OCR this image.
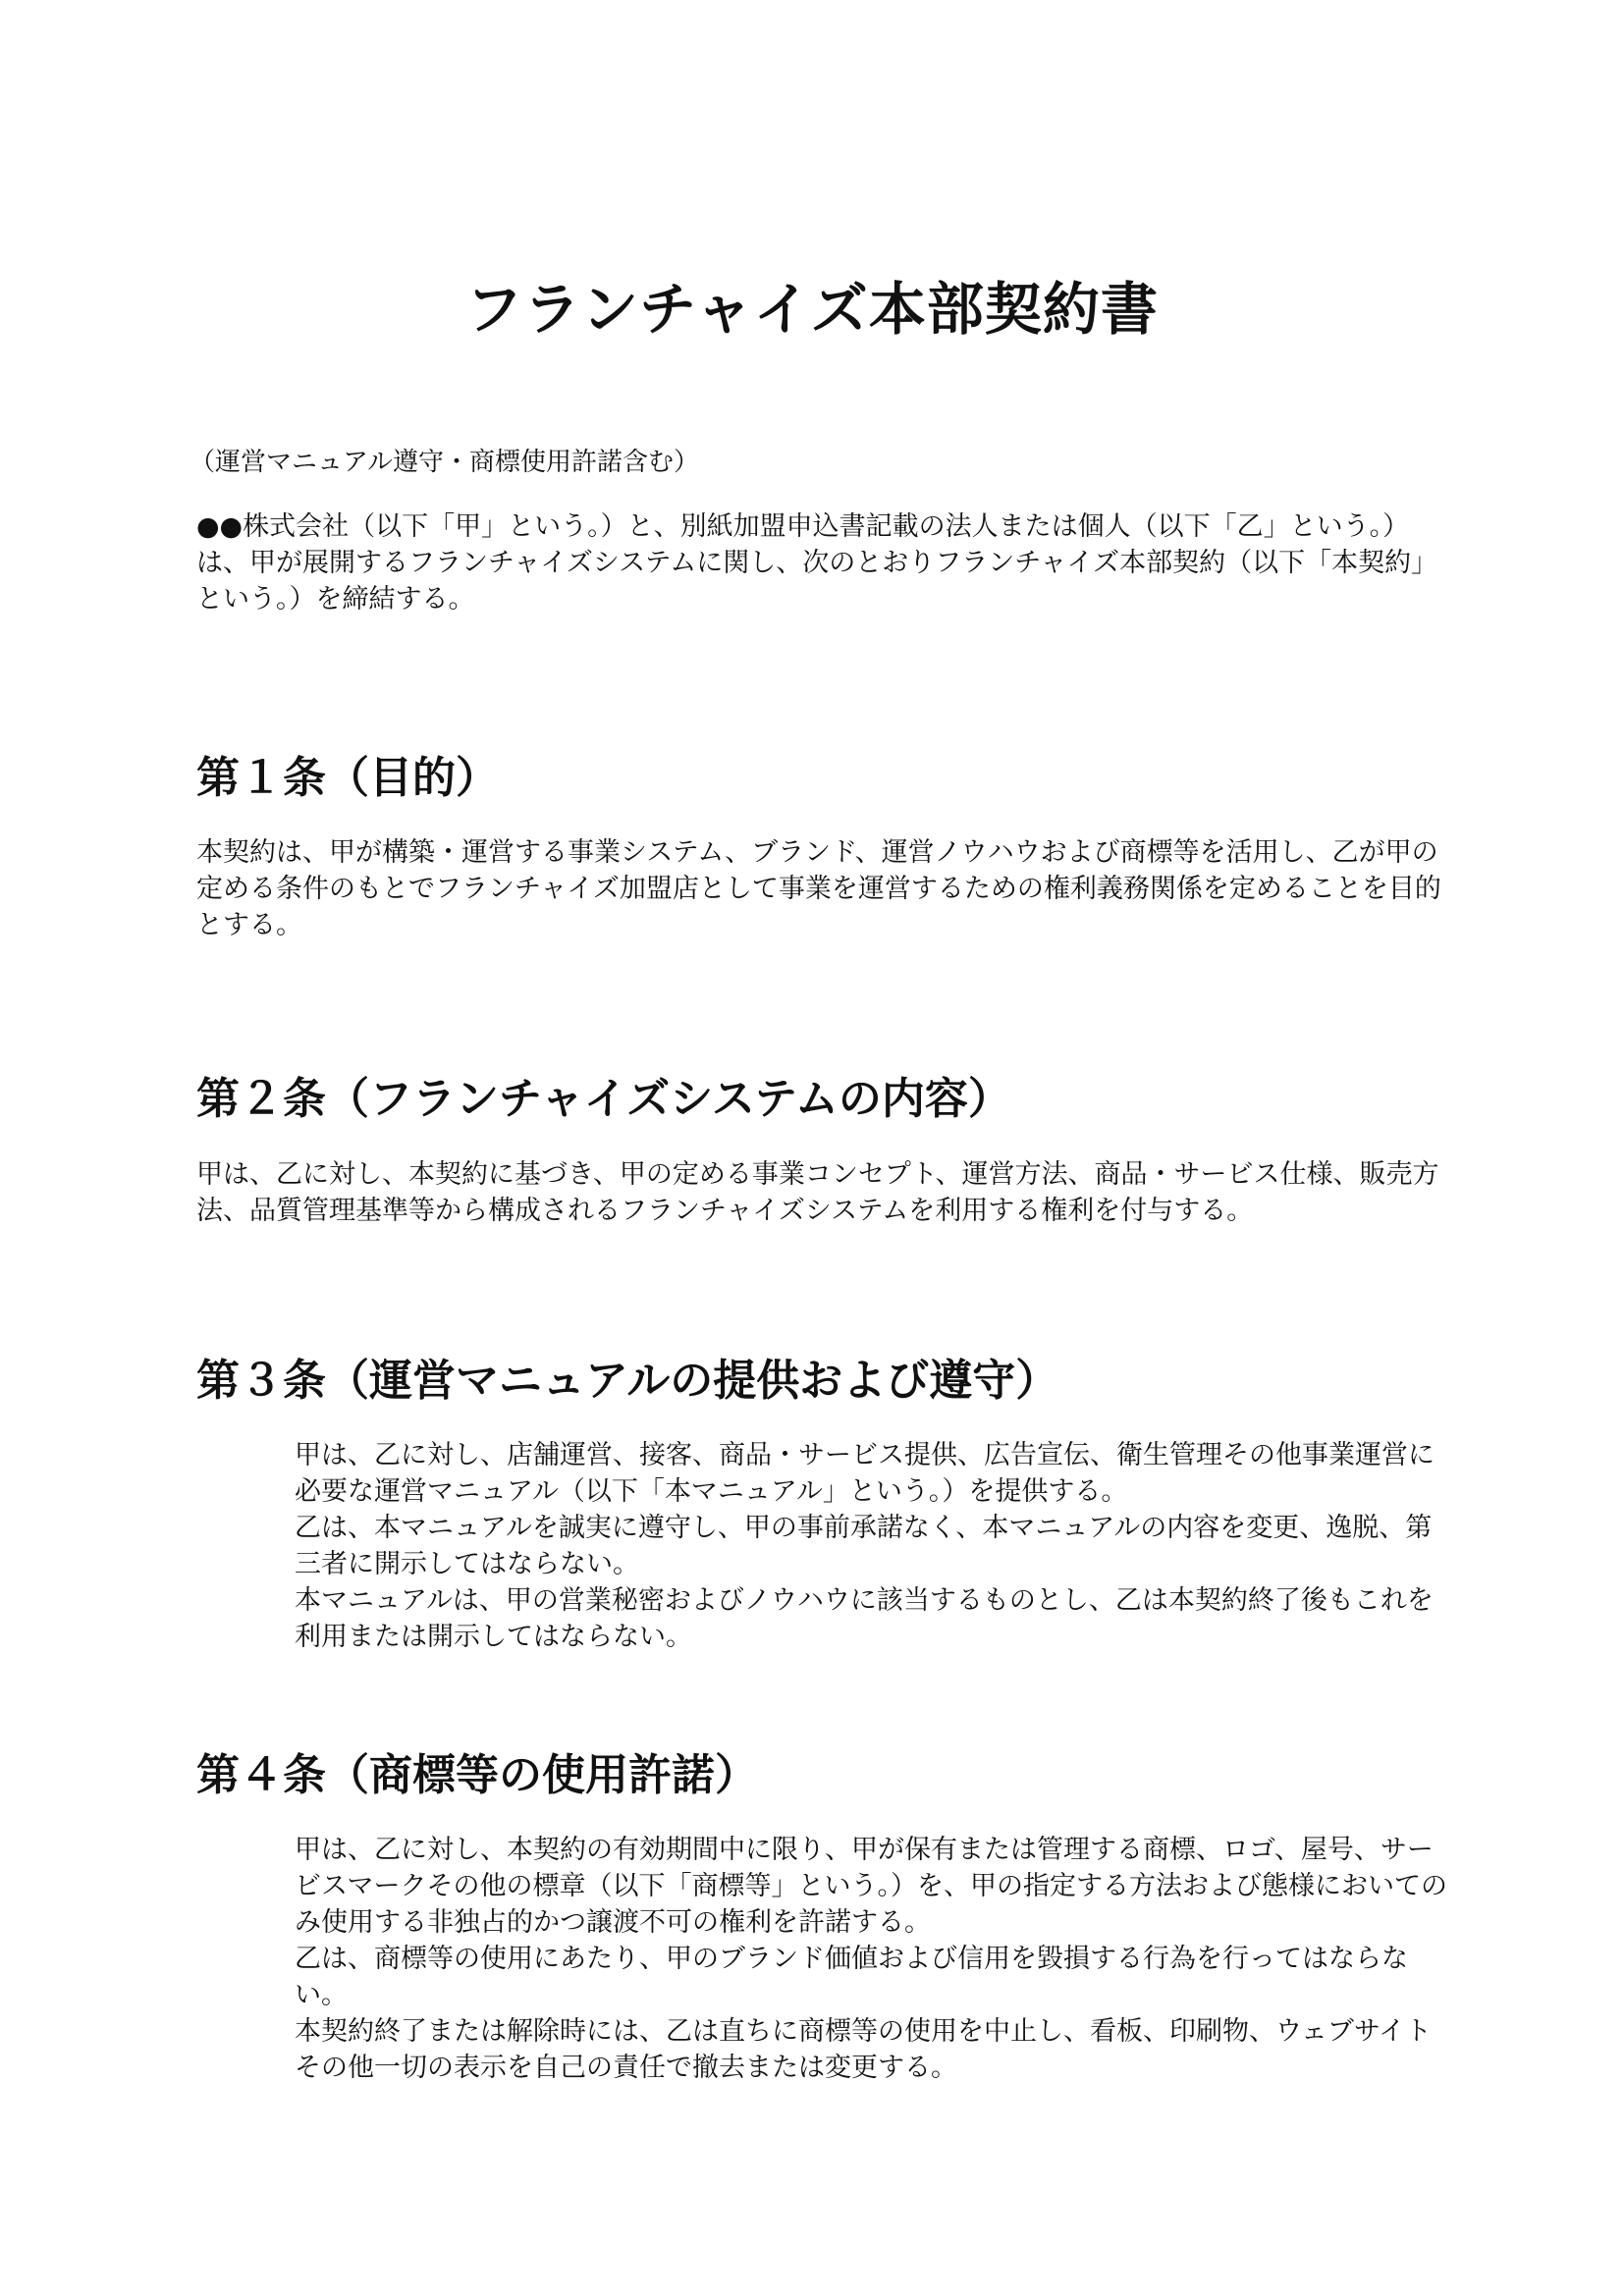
フランチャイズ本部契約書

（運営マニュアル遵守・商標使用許諾含む）

●●株式会社（以下「甲」という。）と、別紙加盟申込書記載の法人または個人（以下「乙」という。）は、甲が展開するフランチャイズシステムに関し、次のとおりフランチャイズ本部契約（以下「本契約」という。）を締結する。

第１条（目的）

本契約は、甲が構築・運営する事業システム、ブランド、運営ノウハウおよび商標等を活用し、乙が甲の定める条件のもとでフランチャイズ加盟店として事業を運営するための権利義務関係を定めることを目的とする。

第２条（フランチャイズシステムの内容）

甲は、乙に対し、本契約に基づき、甲の定める事業コンセプト、運営方法、商品・サービス仕様、販売方法、品質管理基準等から構成されるフランチャイズシステムを利用する権利を付与する。

第３条（運営マニュアルの提供および遵守）

甲は、乙に対し、店舗運営、接客、商品・サービス提供、広告宣伝、衛生管理その他事業運営に必要な運営マニュアル（以下「本マニュアル」という。）を提供する。

乙は、本マニュアルを誠実に遵守し、甲の事前承諾なく、本マニュアルの内容を変更、逸脱、第三者に開示してはならない。

本マニュアルは、甲の営業秘密およびノウハウに該当するものとし、乙は本契約終了後もこれを利用または開示してはならない。

第４条（商標等の使用許諾）

甲は、乙に対し、本契約の有効期間中に限り、甲が保有または管理する商標、ロゴ、屋号、サービスマークその他の標章（以下「商標等」という。）を、甲の指定する方法および態様においてのみ使用する非独占的かつ譲渡不可の権利を許諾する。

乙は、商標等の使用にあたり、甲のブランド価値および信用を毀損する行為を行ってはならない。

本契約終了または解除時には、乙は直ちに商標等の使用を中止し、看板、印刷物、ウェブサイトその他一切の表示を自己の責任で撤去または変更する。
